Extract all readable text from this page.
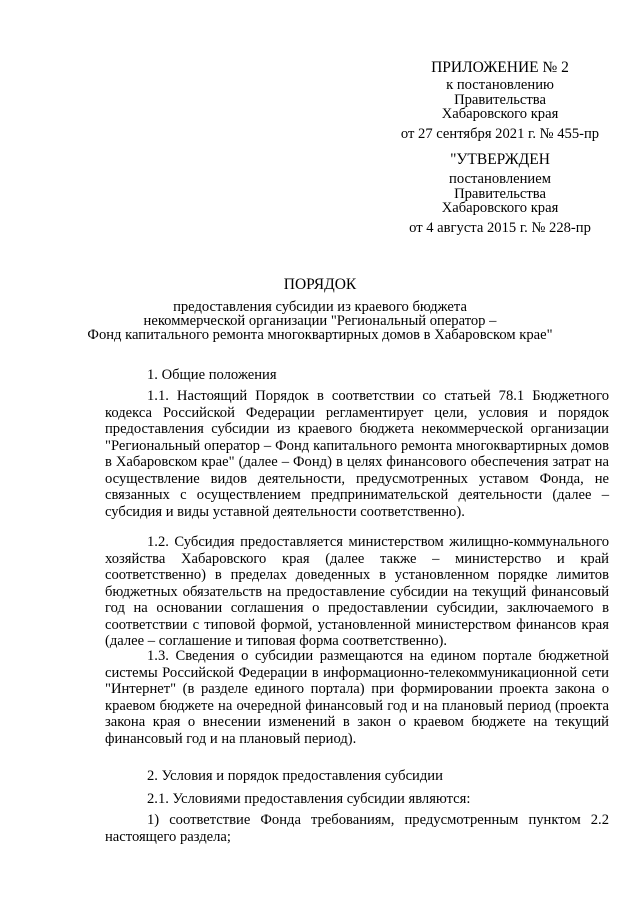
ПРИЛОЖЕНИЕ № 2
к постановлению
Правительства
Хабаровского края
от 27 сентября 2021 г. № 455-пр
"УТВЕРЖДЕН
постановлением
Правительства
Хабаровского края
от 4 августа 2015 г. № 228-пр
ПОРЯДОК
предоставления субсидии из краевого бюджета
некоммерческой организации "Региональный оператор –
Фонд капитального ремонта многоквартирных домов в Хабаровском крае"
1. Общие положения

1.1. Настоящий Порядок в соответствии со статьей 78.1 Бюджетного кодекса Российской Федерации регламентирует цели, условия и порядок предоставления субсидии из краевого бюджета некоммерческой организации "Региональный оператор – Фонд капитального ремонта многоквартирных домов в Хабаровском крае" (далее – Фонд) в целях финансового обеспечения затрат на осуществление видов деятельности, предусмотренных уставом Фонда, не связанных с осуществлением предпринимательской деятельности (далее – субсидия и виды уставной деятельности соответственно).

1.2. Субсидия предоставляется министерством жилищно-коммунального хозяйства Хабаровского края (далее также – министерство и край соответственно) в пределах доведенных в установленном порядке лимитов бюджетных обязательств на предоставление субсидии на текущий финансовый год на основании соглашения о предоставлении субсидии, заключаемого в соответствии с типовой формой, установленной министерством финансов края (далее – соглашение и типовая форма соответственно).

1.3. Сведения о субсидии размещаются на едином портале бюджетной системы Российской Федерации в информационно-телекоммуникационной сети "Интернет" (в разделе единого портала) при формировании проекта закона о краевом бюджете на очередной финансовый год и на плановый период (проекта закона края о внесении изменений в закон о краевом бюджете на текущий финансовый год и на плановый период).

2. Условия и порядок предоставления субсидии

2.1. Условиями предоставления субсидии являются:

1) соответствие Фонда требованиям, предусмотренным пунктом 2.2 настоящего раздела;
